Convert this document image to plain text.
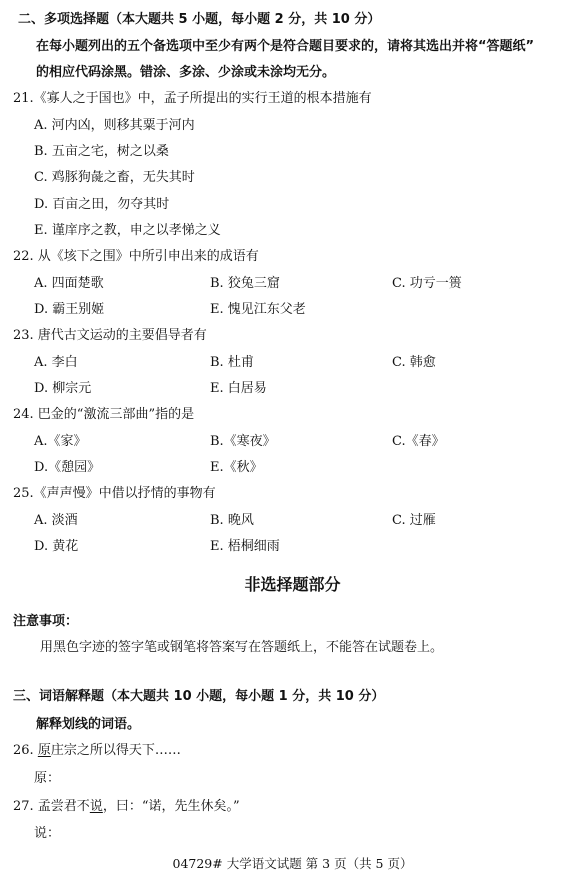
二、多项选择题（本大题共 5 小题，每小题 2 分，共 10 分）
在每小题列出的五个备选项中至少有两个是符合题目要求的，请将其选出并将“答题纸”
的相应代码涂黑。错涂、多涂、少涂或未涂均无分。
21.《寡人之于国也》中，孟子所提出的实行王道的根本措施有
A. 河内凶，则移其粟于河内
B. 五亩之宅，树之以桑
C. 鸡豚狗彘之畜，无失其时
D. 百亩之田，勿夺其时
E. 谨庠序之教，申之以孝悌之义
22. 从《垓下之围》中所引申出来的成语有
A. 四面楚歌	B. 狡兔三窟	C. 功亏一篑
D. 霸王别姬	E. 愧见江东父老
23. 唐代古文运动的主要倡导者有
A. 李白	B. 杜甫	C. 韩愈
D. 柳宗元	E. 白居易
24. 巴金的“激流三部曲”指的是
A.《家》	B.《寒夜》	C.《春》
D.《憩园》	E.《秋》
25.《声声慢》中借以抒情的事物有
A. 淡酒	B. 晚风	C. 过雁
D. 黄花	E. 梧桐细雨
非选择题部分
注意事项：
用黑色字迹的签字笔或钢笔将答案写在答题纸上，不能答在试题卷上。
三、词语解释题（本大题共 10 小题，每小题 1 分，共 10 分）
解释划线的词语。
26. 原庄宗之所以得天下……
原：
27. 孟尝君不说，曰：“诺，先生休矣。”
说：
04729# 大学语文试题 第 3 页（共 5 页）
